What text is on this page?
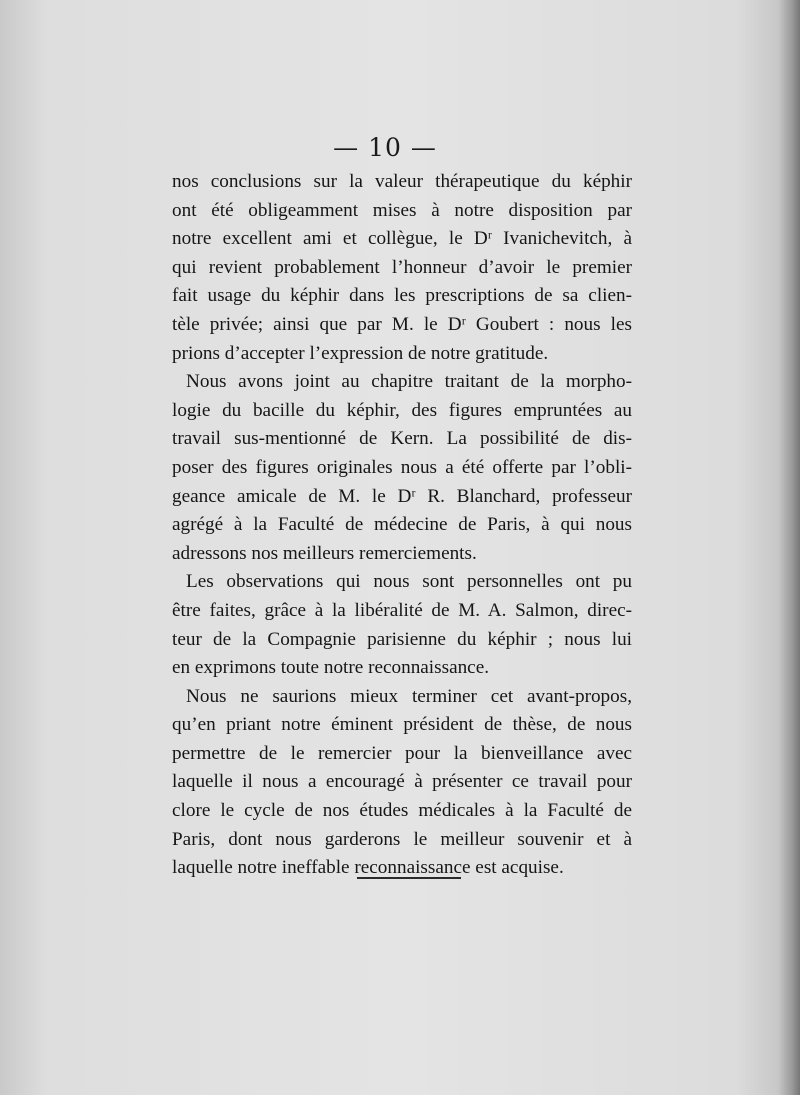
— 10 —
nos conclusions sur la valeur thérapeutique du képhir
ont été obligeamment mises à notre disposition par
notre excellent ami et collègue, le Dʳ Ivanichevitch, à
qui revient probablement l’honneur d’avoir le premier
fait usage du képhir dans les prescriptions de sa clien-
tèle privée; ainsi que par M. le Dʳ Goubert : nous les
prions d’accepter l’expression de notre gratitude.
Nous avons joint au chapitre traitant de la morpho-
logie du bacille du képhir, des figures empruntées au
travail sus-mentionné de Kern. La possibilité de dis-
poser des figures originales nous a été offerte par l’obli-
geance amicale de M. le Dʳ R. Blanchard, professeur
agrégé à la Faculté de médecine de Paris, à qui nous
adressons nos meilleurs remerciements.
Les observations qui nous sont personnelles ont pu
être faites, grâce à la libéralité de M. A. Salmon, direc-
teur de la Compagnie parisienne du képhir ; nous lui
en exprimons toute notre reconnaissance.
Nous ne saurions mieux terminer cet avant-propos,
qu’en priant notre éminent président de thèse, de nous
permettre de le remercier pour la bienveillance avec
laquelle il nous a encouragé à présenter ce travail pour
clore le cycle de nos études médicales à la Faculté de
Paris, dont nous garderons le meilleur souvenir et à
laquelle notre ineffable reconnaissance est acquise.
